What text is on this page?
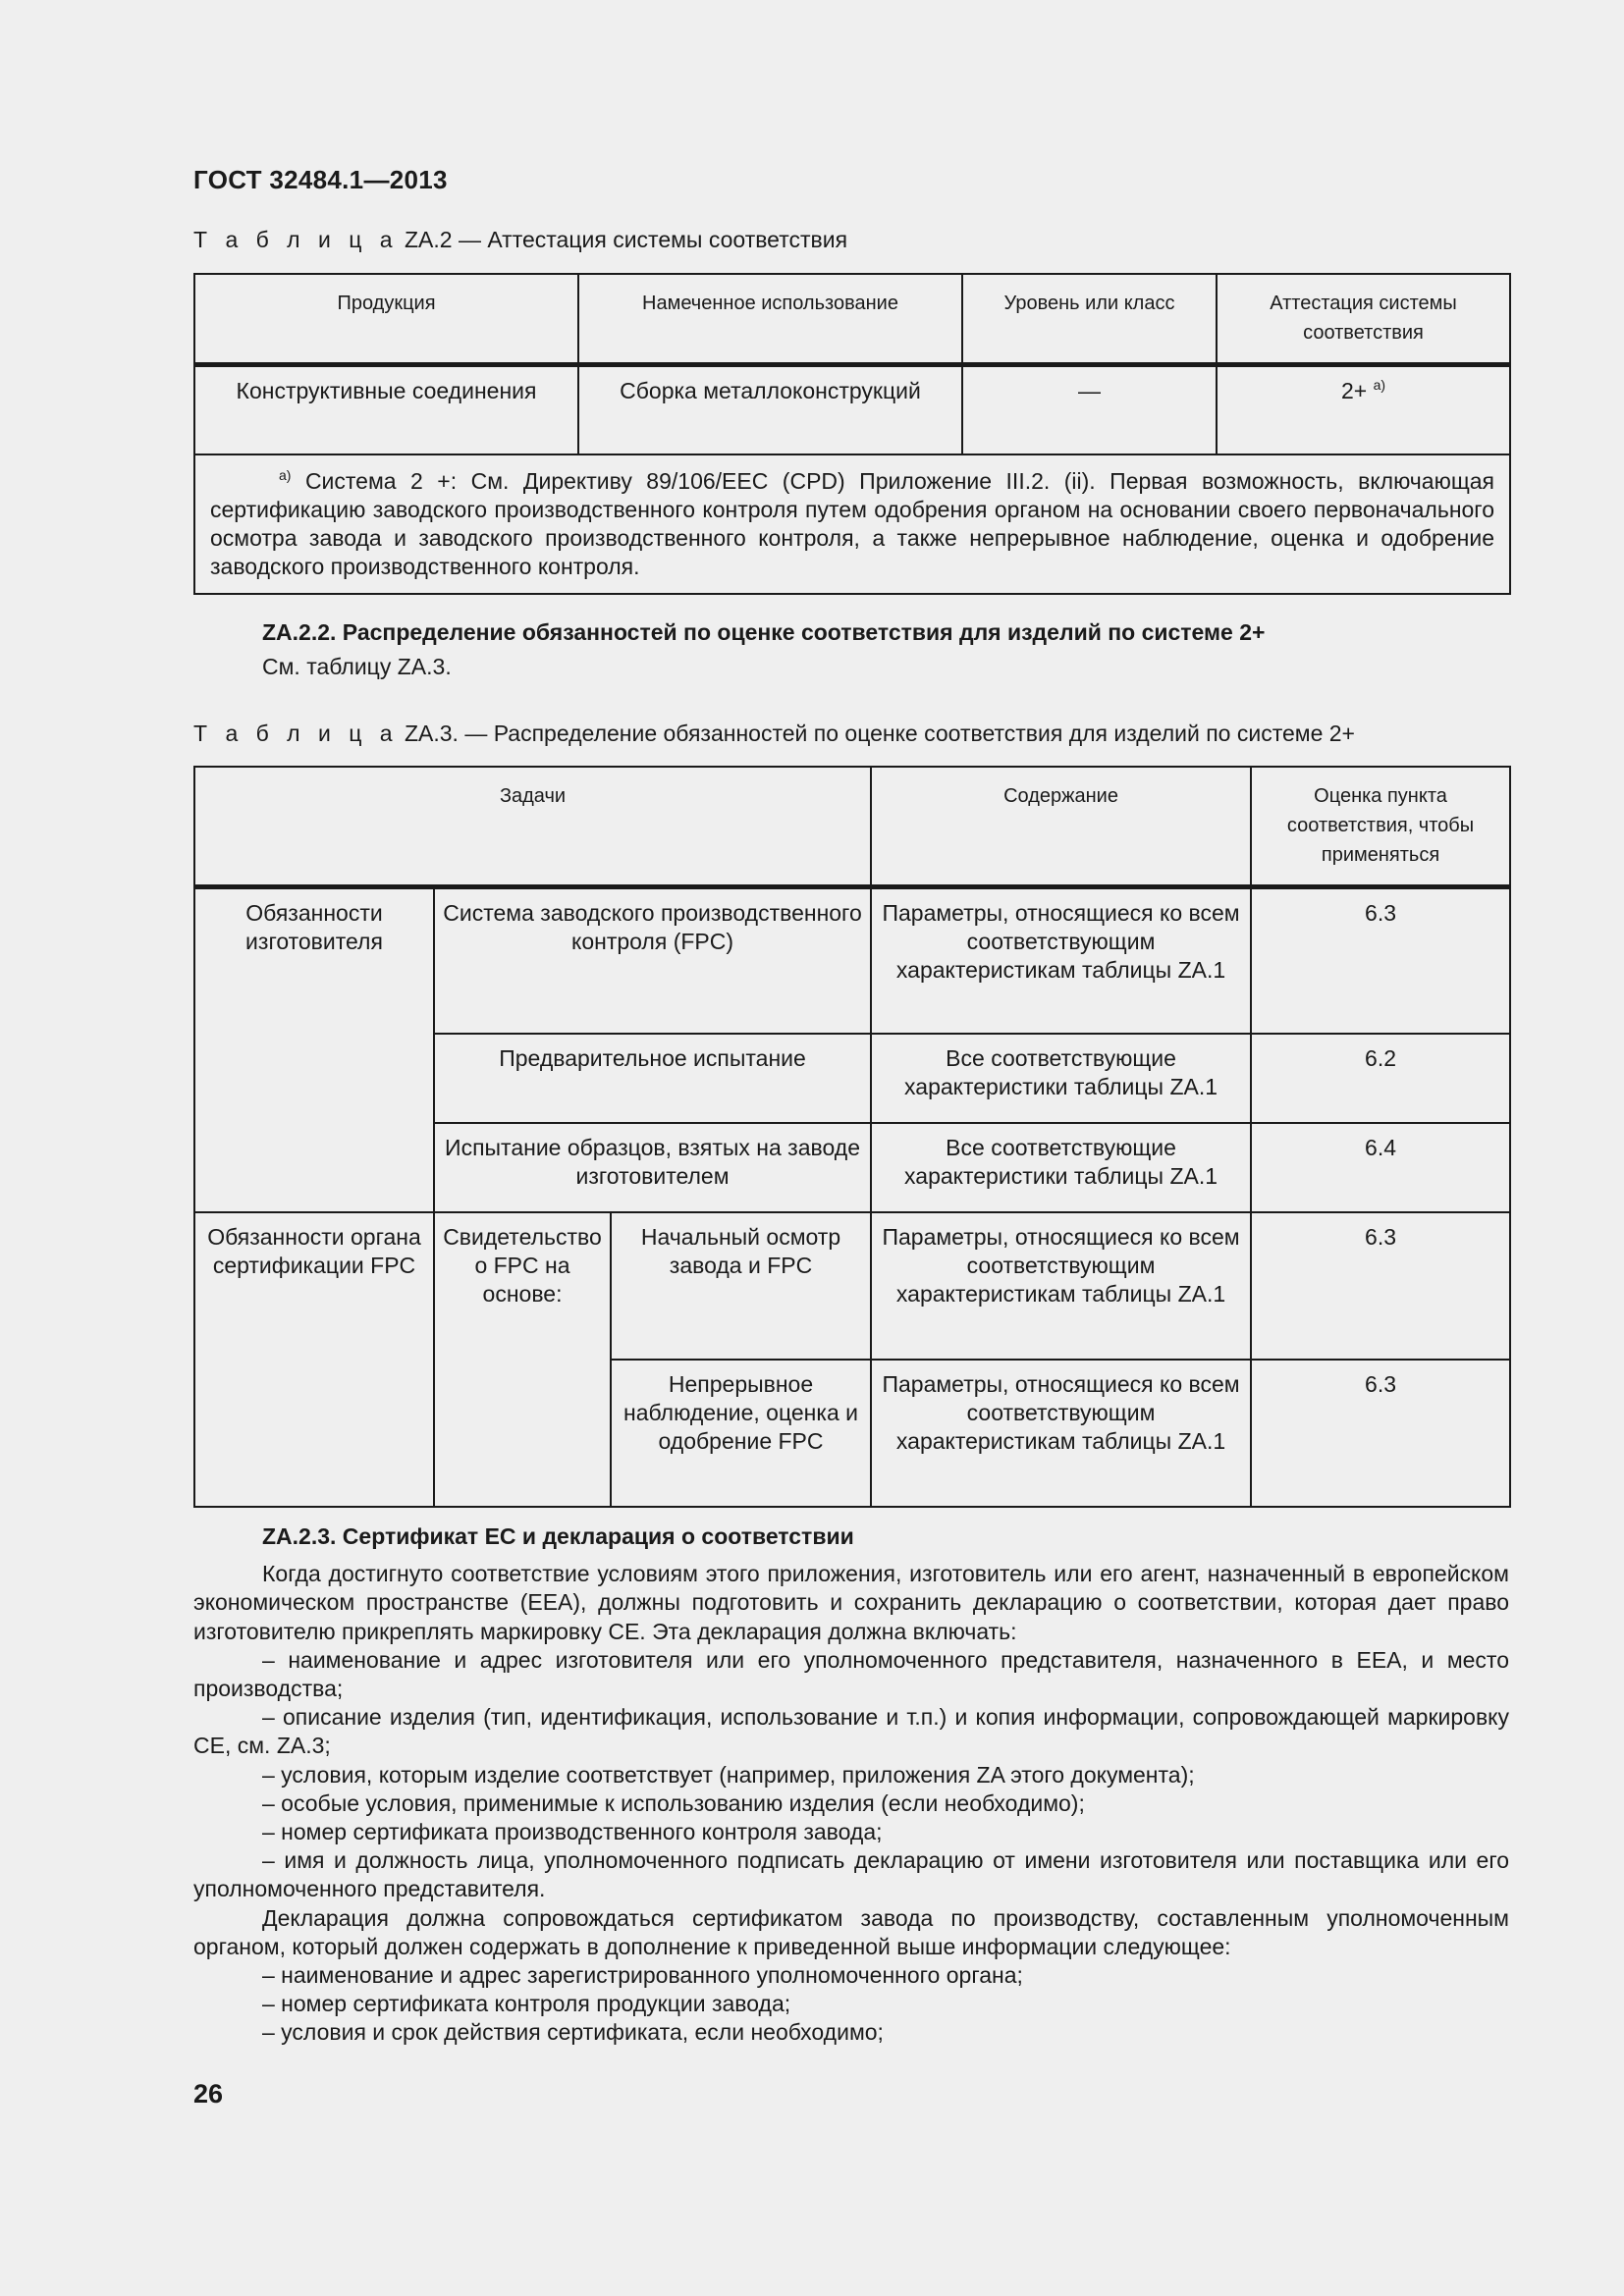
ГОСТ 32484.1—2013
Т а б л и ц а ZA.2 — Аттестация системы соответствия
Продукция	Намеченное использование	Уровень или класс	Аттестация системы соответствия
Конструктивные соединения	Сборка металлоконструкций	—	2+ $^{а)}$
$^{а)}$ Система 2 +: См. Директиву 89/106/EEC (CPD) Приложение III.2. (ii). Первая возможность, включающая сертификацию заводского производственного контроля путем одобрения органом на основании своего первоначального осмотра завода и заводского производственного контроля, а также непрерывное наблюдение, оценка и одобрение заводского производственного контроля.			

ZA.2.2. Распределение обязанностей по оценке соответствия для изделий по системе 2+

См. таблицу ZA.3.

Т а б л и ц а ZA.3. — Распределение обязанностей по оценке соответствия для изделий по системе 2+
Задачи			Содержание	Оценка пункта соответствия, чтобы применяться
Обязанности изготовителя	Система заводского производственного контроля (FPC)		Параметры, относящиеся ко всем соответствующим характеристикам таблицы ZA.1	6.3
	Предварительное испытание		Все соответствующие характеристики таблицы ZA.1	6.2
	Испытание образцов, взятых на заводе изготовителем		Все соответствующие характеристики таблицы ZA.1	6.4
Обязанности органа сертификации FPC	Свидетельство о FPC на основе:	Начальный осмотр завода и FPC	Параметры, относящиеся ко всем соответствующим характеристикам таблицы ZA.1	6.3
		Непрерывное наблюдение, оценка и одобрение FPC	Параметры, относящиеся ко всем соответствующим характеристикам таблицы ZA.1	6.3

ZA.2.3. Сертификат ЕС и декларация о соответствии

Когда достигнуто соответствие условиям этого приложения, изготовитель или его агент, назначенный в европейском экономическом пространстве (ЕЕА), должны подготовить и сохранить декларацию о соответствии, которая дает право изготовителю прикреплять маркировку СЕ. Эта декларация должна включать:

– наименование и адрес изготовителя или его уполномоченного представителя, назначенного в ЕЕА, и место производства;

– описание изделия (тип, идентификация, использование и т.п.) и копия информации, сопровождающей маркировку СЕ, см. ZA.3;

– условия, которым изделие соответствует (например, приложения ZA этого документа);

– особые условия, применимые к использованию изделия (если необходимо);

– номер сертификата производственного контроля завода;

– имя и должность лица, уполномоченного подписать декларацию от имени изготовителя или поставщика или его уполномоченного представителя.

Декларация должна сопровождаться сертификатом завода по производству, составленным уполномоченным органом, который должен содержать в дополнение к приведенной выше информации следующее:

– наименование и адрес зарегистрированного уполномоченного органа;

– номер сертификата контроля продукции завода;

– условия и срок действия сертификата, если необходимо;

26
